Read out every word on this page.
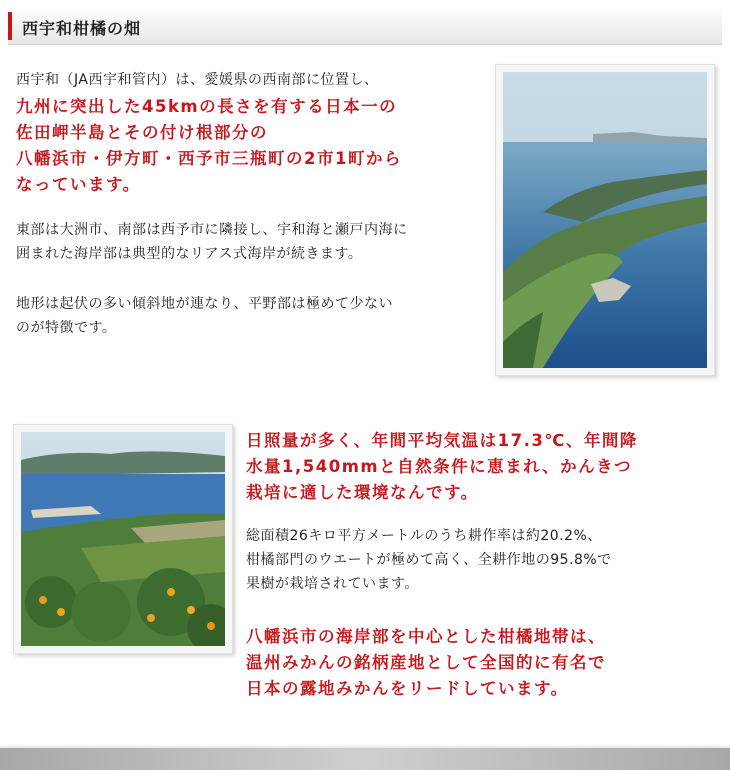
西宇和柑橘の畑
西宇和（JA西宇和管内）は、愛媛県の西南部に位置し、
九州に突出した45kmの長さを有する日本一の
佐田岬半島とその付け根部分の
八幡浜市・伊方町・西予市三瓶町の2市1町から
なっています。
東部は大洲市、南部は西予市に隣接し、宇和海と瀬戸内海に
囲まれた海岸部は典型的なリアス式海岸が続きます。
地形は起伏の多い傾斜地が連なり、平野部は極めて少ない
のが特徴です。
日照量が多く、年間平均気温は17.3℃、年間降
水量1,540mmと自然条件に恵まれ、かんきつ
栽培に適した環境なんです。
総面積26キロ平方メートルのうち耕作率は約20.2%、
柑橘部門のウエートが極めて高く、全耕作地の95.8%で
果樹が栽培されています。
八幡浜市の海岸部を中心とした柑橘地帯は、
温州みかんの銘柄産地として全国的に有名で
日本の露地みかんをリードしています。
